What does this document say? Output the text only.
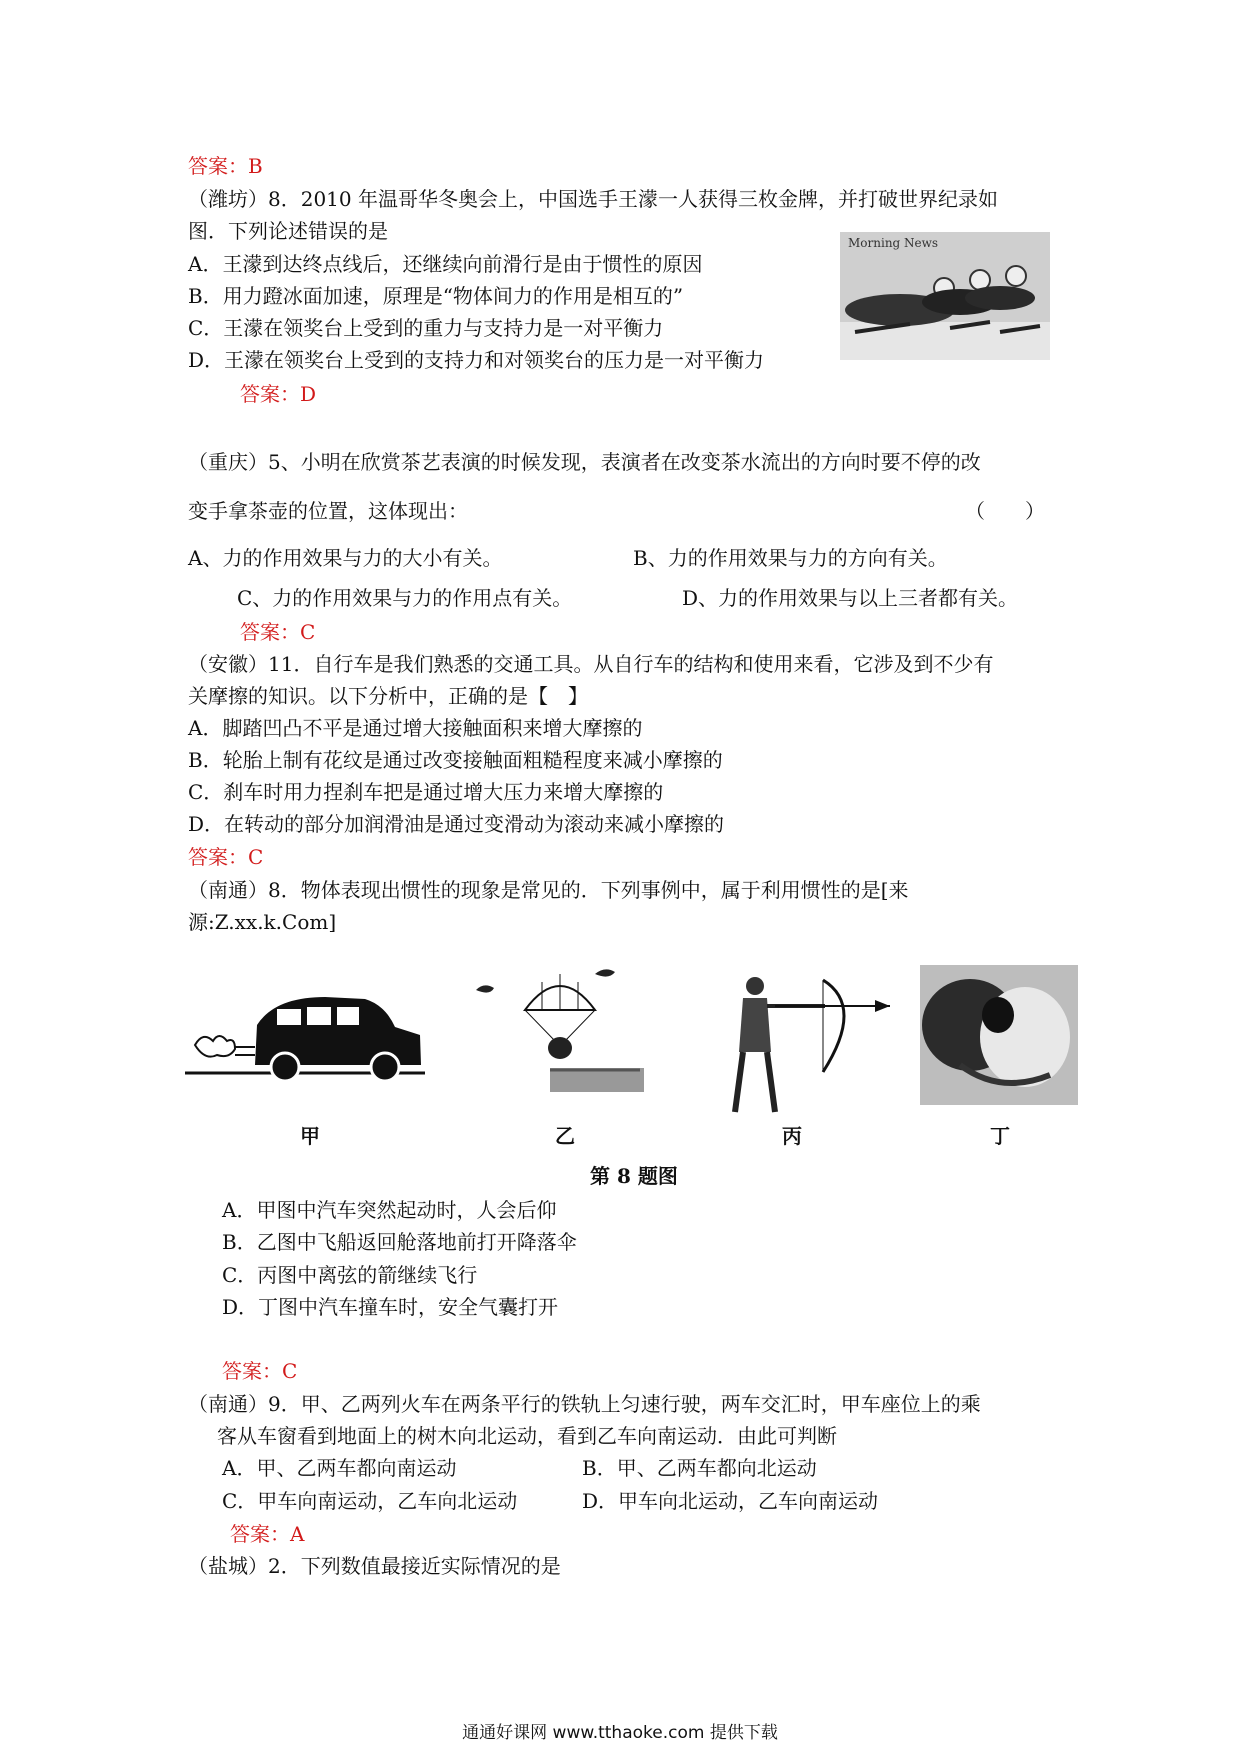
答案：B
（潍坊）8．2010 年温哥华冬奥会上，中国选手王濛一人获得三枚金牌，并打破世界纪录如
图．下列论述错误的是
A．王濛到达终点线后，还继续向前滑行是由于惯性的原因
B．用力蹬冰面加速，原理是“物体间力的作用是相互的”
C．王濛在领奖台上受到的重力与支持力是一对平衡力
D．王濛在领奖台上受到的支持力和对领奖台的压力是一对平衡力
答案：D
Morning News
（重庆）5、小明在欣赏茶艺表演的时候发现，表演者在改变茶水流出的方向时要不停的改
变手拿茶壶的位置，这体现出：	（　　）
A、力的作用效果与力的大小有关。	B、力的作用效果与力的方向有关。
C、力的作用效果与力的作用点有关。	D、力的作用效果与以上三者都有关。
答案：C
（安徽）11．自行车是我们熟悉的交通工具。从自行车的结构和使用来看，它涉及到不少有
关摩擦的知识。以下分析中，正确的是【　】
A．脚踏凹凸不平是通过增大接触面积来增大摩擦的
B．轮胎上制有花纹是通过改变接触面粗糙程度来减小摩擦的
C．刹车时用力捏刹车把是通过增大压力来增大摩擦的
D．在转动的部分加润滑油是通过变滑动为滚动来减小摩擦的
答案：C
（南通）8．物体表现出惯性的现象是常见的．下列事例中，属于利用惯性的是[来
源:Z.xx.k.Com]
甲	乙	丙	丁
第 8 题图
A．甲图中汽车突然起动时，人会后仰
B．乙图中飞船返回舱落地前打开降落伞
C．丙图中离弦的箭继续飞行
D．丁图中汽车撞车时，安全气囊打开
答案：C
（南通）9．甲、乙两列火车在两条平行的铁轨上匀速行驶，两车交汇时，甲车座位上的乘
客从车窗看到地面上的树木向北运动，看到乙车向南运动．由此可判断
A．甲、乙两车都向南运动	B．甲、乙两车都向北运动
C．甲车向南运动，乙车向北运动	D．甲车向北运动，乙车向南运动
答案：A
（盐城）2．下列数值最接近实际情况的是
通通好课网 www.tthaoke.com 提供下载
